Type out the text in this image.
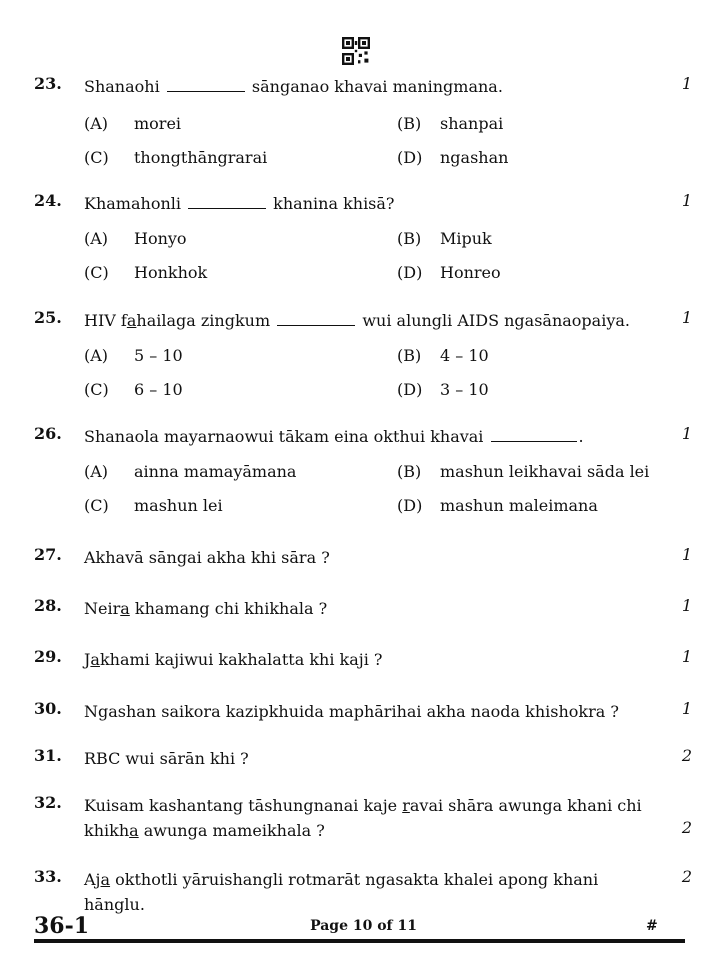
23. Shanaohi	sānganao khavai maningmana.	1
(A) morei	(B) shanpai
(C) thongthāngrarai	(D) ngashan
24. Khamahonli	khanina khisā?	1
(A) Honyo	(B) Mipuk
(C) Honkhok	(D) Honreo
25. HIV fahailaga zingkum	wui alungli AIDS ngasānaopaiya.	1
(A) 5 – 10	(B) 4 – 10
(C) 6 – 10	(D) 3 – 10
26. Shanaola mayarnaowui tākam eina okthui khavai	.	1
(A) ainna mamayāmana	(B) mashun leikhavai sāda lei
(C) mashun lei	(D) mashun maleimana
27. Akhavā sāngai akha khi sāra ?	1
28. Neira khamang chi khikhala ?	1
29. Jakhami kajiwui kakhalatta khi kaji ?	1
30. Ngashan saikora kazipkhuida maphārihai akha naoda khishokra ?	1
31. RBC wui sārān khi ?	2
32. Kuisam kashantang tāshungnanai kaje ravai shāra awunga khani chi
khikha awunga mameikhala ?	2
33. Aja okthotli yāruishangli rotmarāt ngasakta khalei apong khani hānglu.
2
36-1	Page 10 of 11	#
